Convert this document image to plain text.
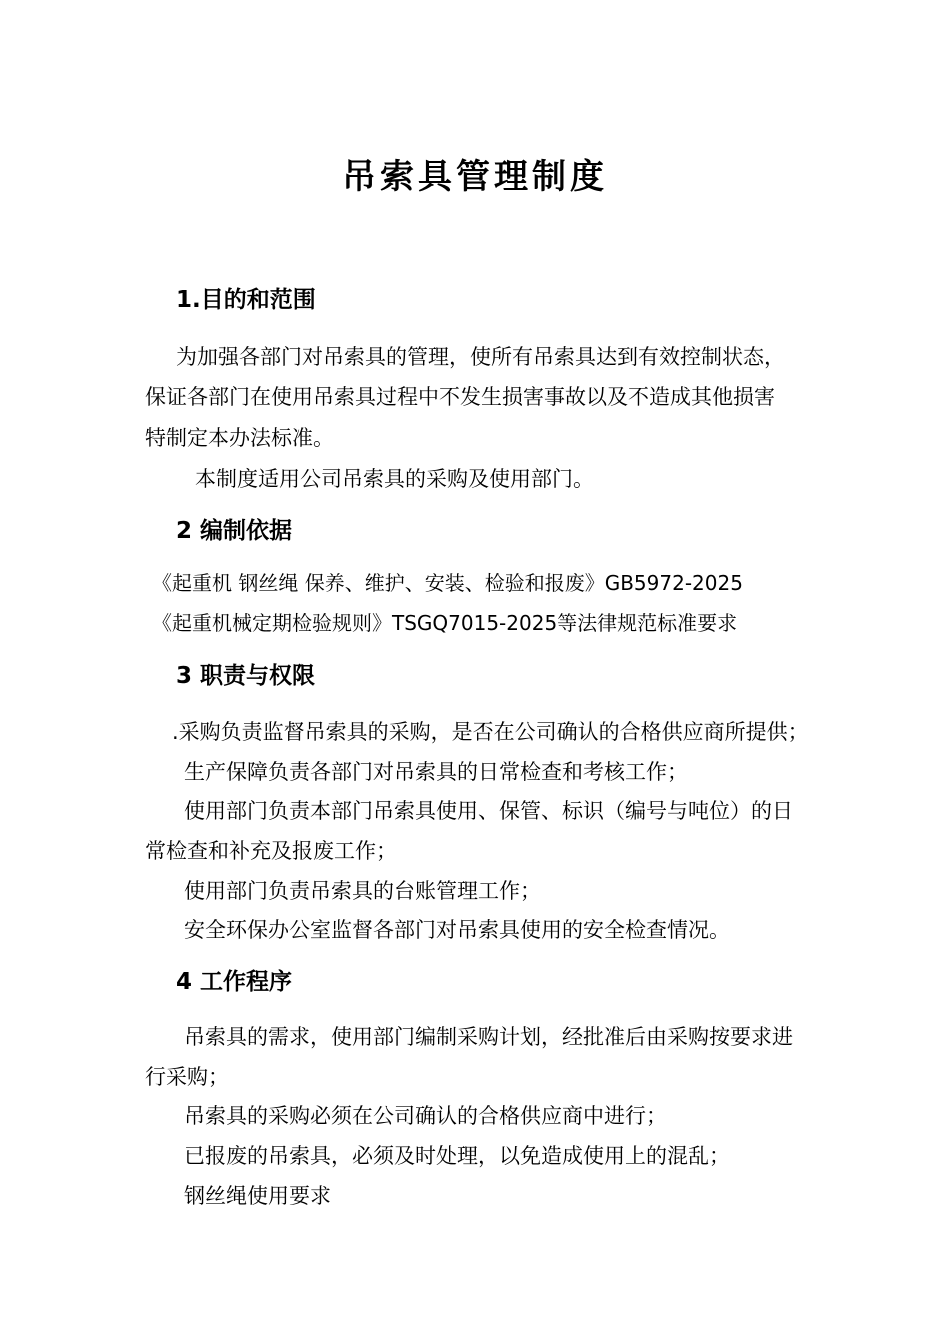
吊索具管理制度
1.目的和范围
为加强各部门对吊索具的管理，使所有吊索具达到有效控制状态，
保证各部门在使用吊索具过程中不发生损害事故以及不造成其他损害
特制定本办法标准。
本制度适用公司吊索具的采购及使用部门。
2 编制依据
《起重机 钢丝绳 保养、维护、安装、检验和报废》GB5972-2025
《起重机械定期检验规则》TSGQ7015-2025等法律规范标准要求
3 职责与权限
.采购负责监督吊索具的采购，是否在公司确认的合格供应商所提供；
生产保障负责各部门对吊索具的日常检查和考核工作；
使用部门负责本部门吊索具使用、保管、标识（编号与吨位）的日
常检查和补充及报废工作；
使用部门负责吊索具的台账管理工作；
安全环保办公室监督各部门对吊索具使用的安全检查情况。
4 工作程序
吊索具的需求，使用部门编制采购计划，经批准后由采购按要求进
行采购；
吊索具的采购必须在公司确认的合格供应商中进行；
已报废的吊索具，必须及时处理，以免造成使用上的混乱；
钢丝绳使用要求
